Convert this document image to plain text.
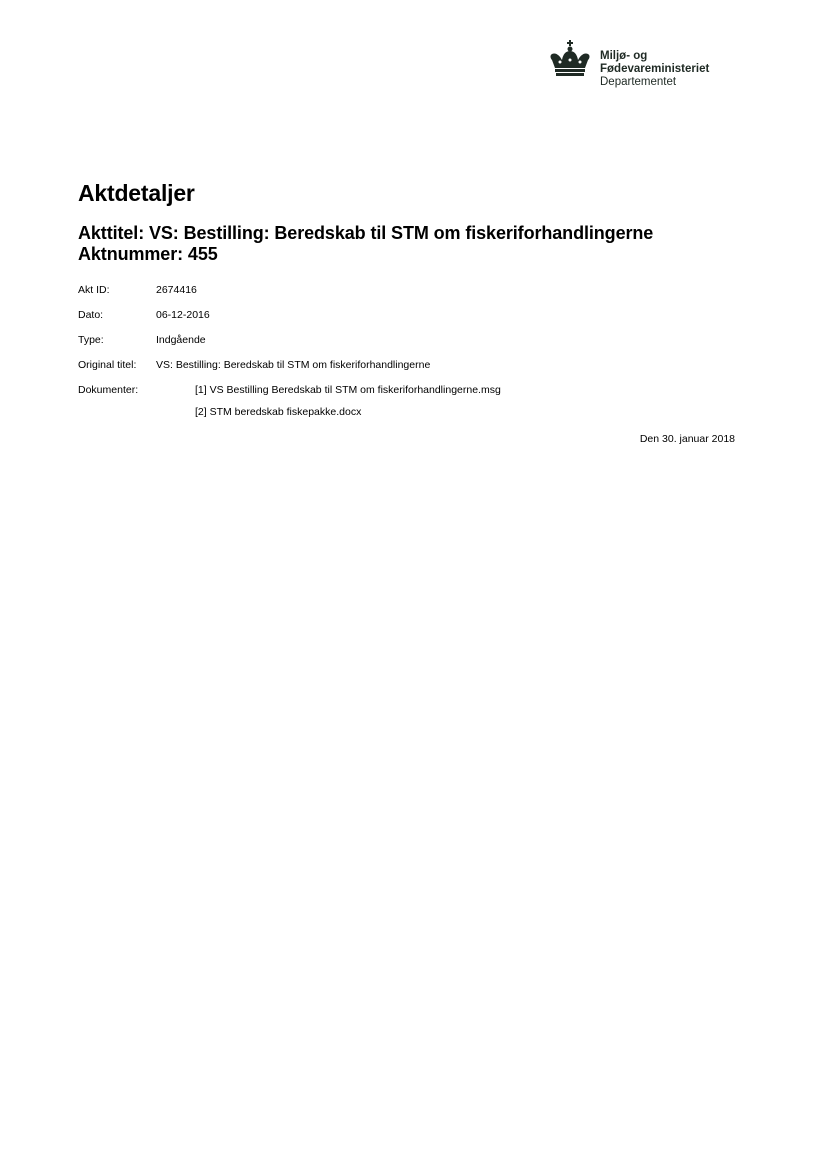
Miljø- og
Fødevareministeriet
Departementet
Aktdetaljer
Akttitel: VS: Bestilling: Beredskab til STM om fiskeriforhandlingerne
Aktnummer: 455
Akt ID:	2674416
Dato:	06-12-2016
Type:	Indgående
Original titel: VS: Bestilling: Beredskab til STM om fiskeriforhandlingerne
Dokumenter:	[1] VS Bestilling Beredskab til STM om fiskeriforhandlingerne.msg
[2] STM beredskab fiskepakke.docx
Den 30. januar 2018
